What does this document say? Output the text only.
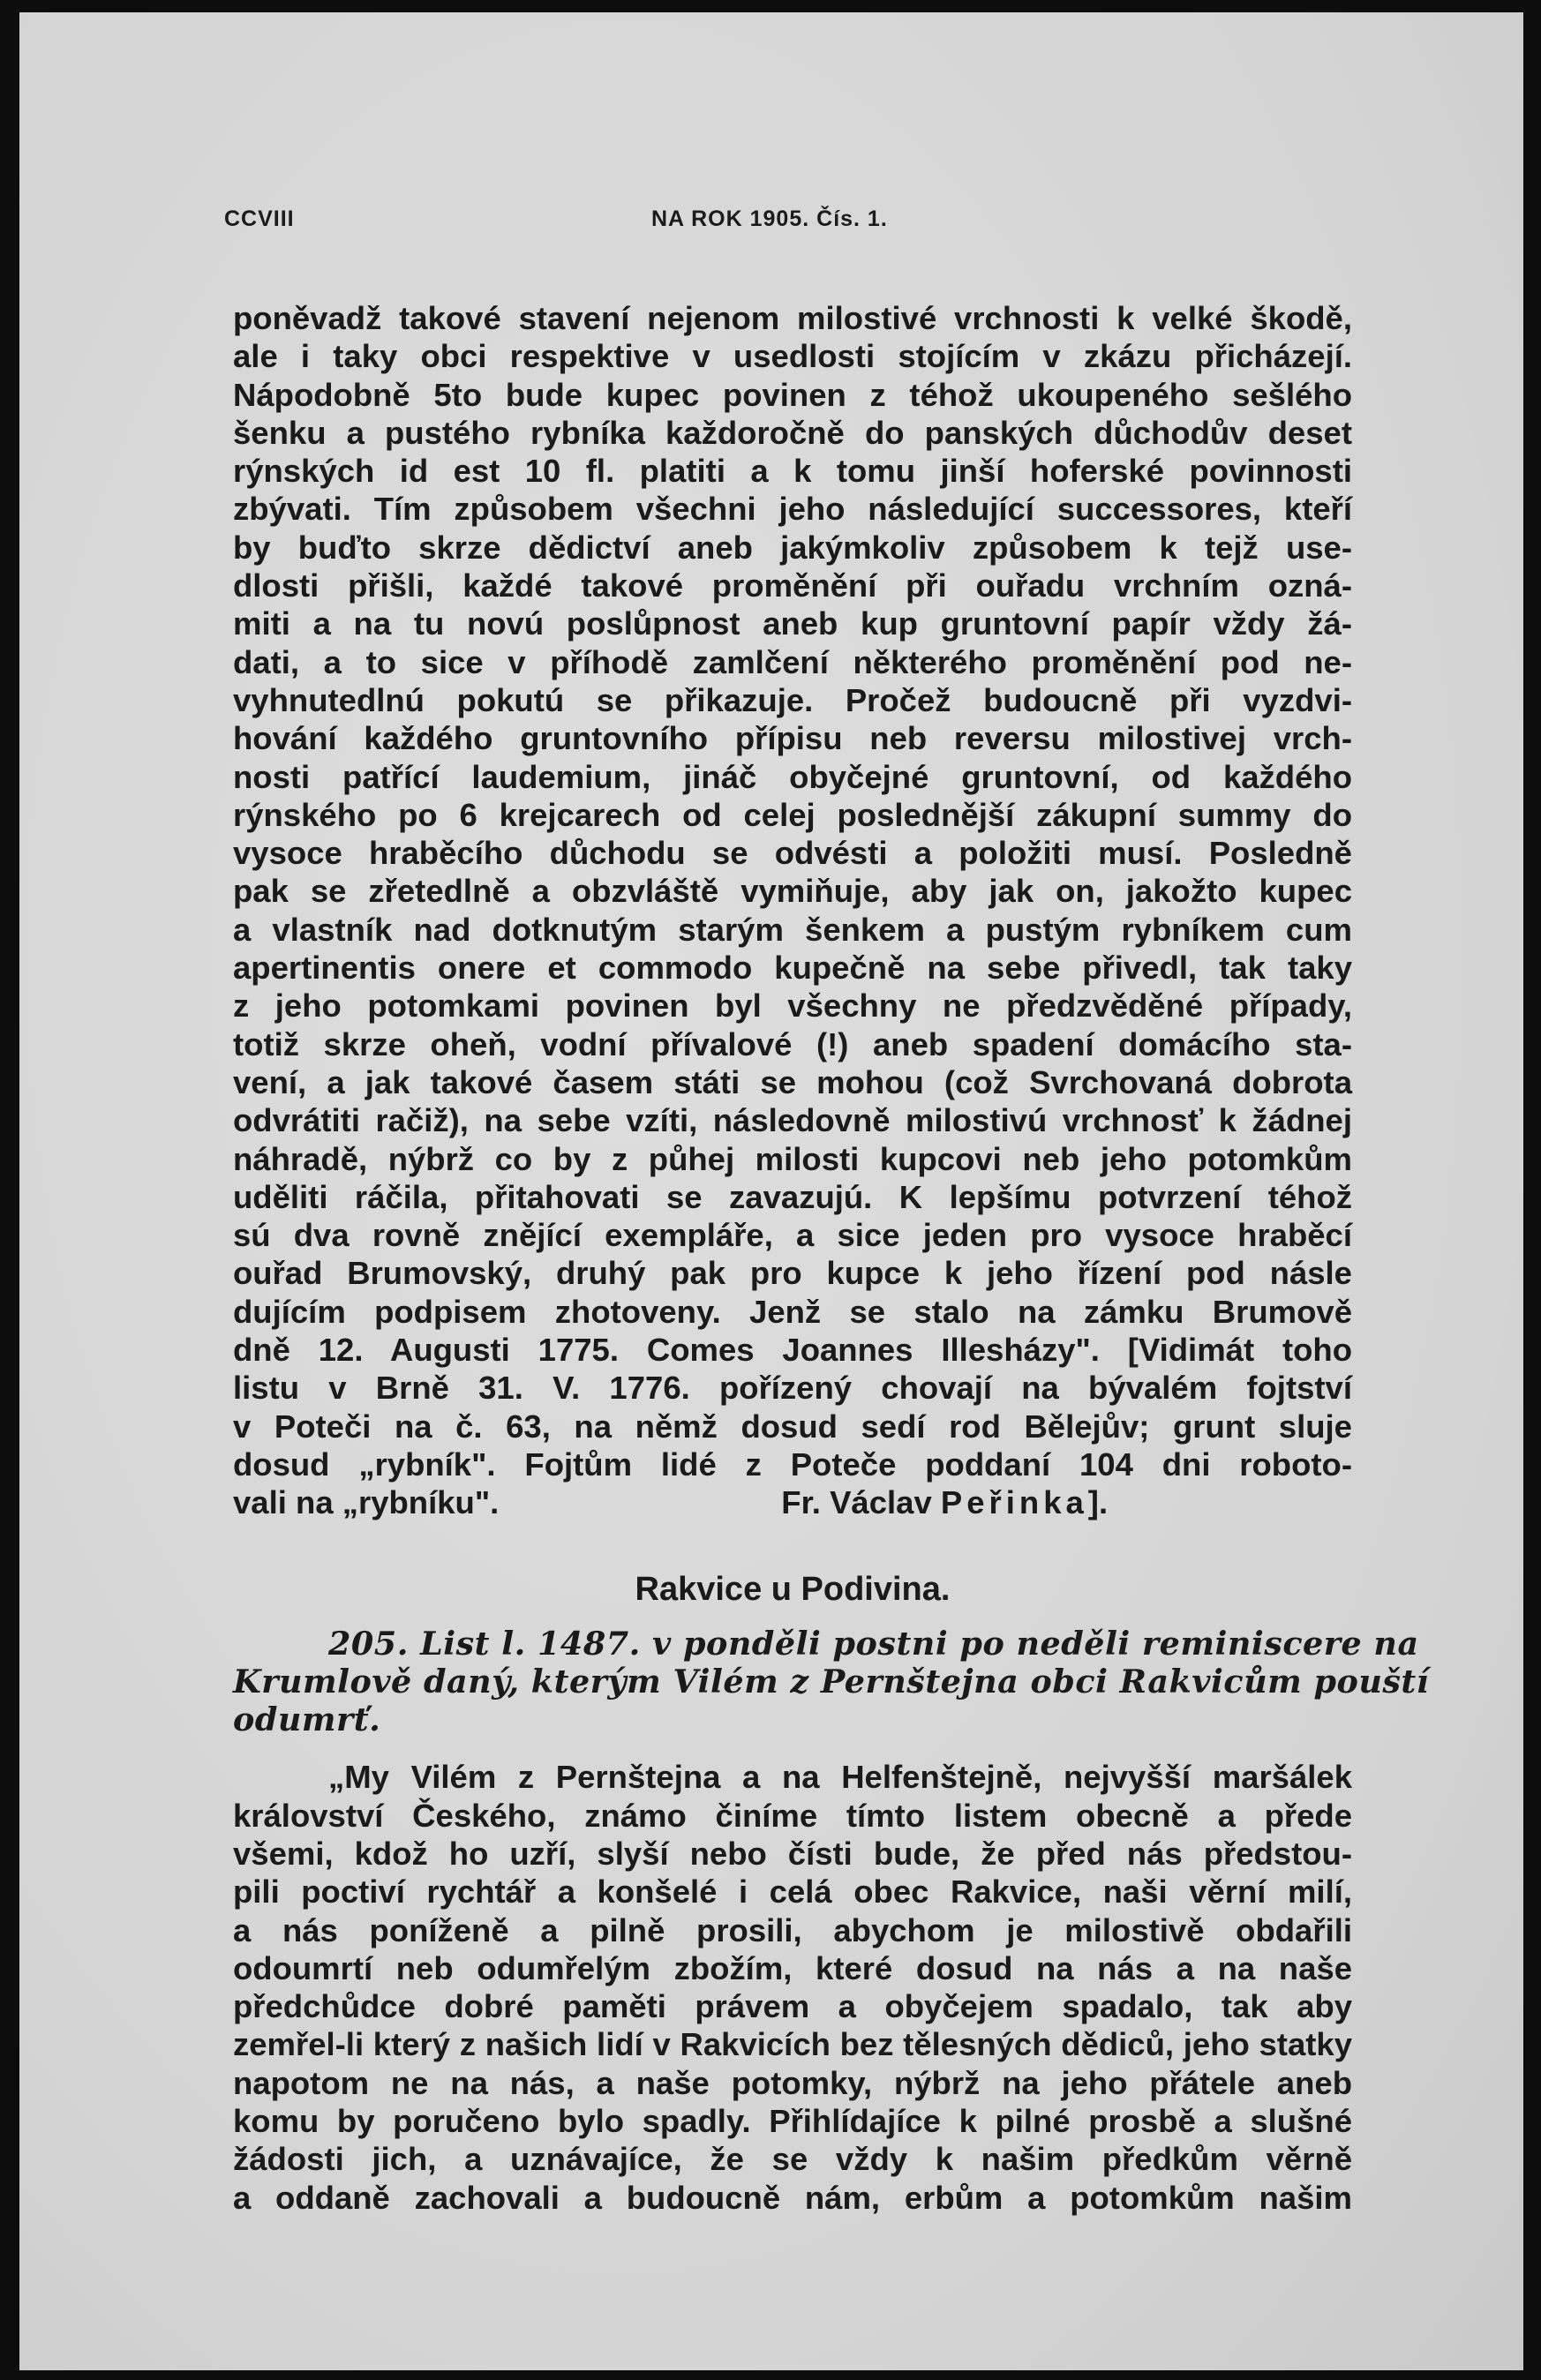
CCVIII	NA ROK 1905. Čís. 1.
poněvadž takové stavení nejenom milostivé vrchnosti k velké škodě,
ale i taky obci respektive v usedlosti stojícím v zkázu přicházejí.
Nápodobně 5to bude kupec povinen z téhož ukoupeného sešlého
šenku a pustého rybníka každoročně do panských důchodův deset
rýnských id est 10 fl. platiti a k tomu jinší hoferské povinnosti
zbývati. Tím způsobem všechni jeho následující successores, kteří
by buďto skrze dědictví aneb jakýmkoliv způsobem k tejž use-
dlosti přišli, každé takové proměnění při ouřadu vrchním ozná-
miti a na tu novú poslůpnost aneb kup gruntovní papír vždy žá-
dati, a to sice v příhodě zamlčení některého proměnění pod ne-
vyhnutedlnú pokutú se přikazuje. Pročež budoucně při vyzdvi-
hování každého gruntovního přípisu neb reversu milostivej vrch-
nosti patřící laudemium, jináč obyčejné gruntovní, od každého
rýnského po 6 krejcarech od celej poslednější zákupní summy do
vysoce hraběcího důchodu se odvésti a položiti musí. Posledně
pak se zřetedlně a obzvláště vymiňuje, aby jak on, jakožto kupec
a vlastník nad dotknutým starým šenkem a pustým rybníkem cum
apertinentis onere et commodo kupečně na sebe přivedl, tak taky
z jeho potomkami povinen byl všechny ne předzvěděné případy,
totiž skrze oheň, vodní přívalové (!) aneb spadení domácího sta-
vení, a jak takové časem státi se mohou (což Svrchovaná dobrota
odvrátiti račiž), na sebe vzíti, následovně milostivú vrchnosť k žádnej
náhradě, nýbrž co by z půhej milosti kupcovi neb jeho potomkům
uděliti ráčila, přitahovati se zavazujú. K lepšímu potvrzení téhož
sú dva rovně znějící exempláře, a sice jeden pro vysoce hraběcí
ouřad Brumovský, druhý pak pro kupce k jeho řízení pod násle
dujícím podpisem zhotoveny. Jenž se stalo na zámku Brumově
dně 12. Augusti 1775. Comes Joannes Illesházy". [Vidimát toho
listu v Brně 31. V. 1776. pořízený chovají na bývalém fojtství
v Poteči na č. 63, na němž dosud sedí rod Bělejův; grunt sluje
dosud „rybník". Fojtům lidé z Poteče poddaní 104 dni roboto-
vali na „rybníku".	Fr. Václav Peřinka].
Rakvice u Podivina.
205. List l. 1487. v ponděli postni po neděli reminiscere na
Krumlově daný, kterým Vilém z Pernštejna obci Rakvicům pouští
odumrť.
„My Vilém z Pernštejna a na Helfenštejně, nejvyšší maršálek
království Českého, známo činíme tímto listem obecně a přede
všemi, kdož ho uzří, slyší nebo čísti bude, že před nás předstou-
pili poctiví rychtář a konšelé i celá obec Rakvice, naši věrní milí,
a nás poníženě a pilně prosili, abychom je milostivě obdařili
odoumrtí neb odumřelým zbožím, které dosud na nás a na naše
předchůdce dobré paměti právem a obyčejem spadalo, tak aby
zemřel-li který z našich lidí v Rakvicích bez tělesných dědiců, jeho statky
napotom ne na nás, a naše potomky, nýbrž na jeho přátele aneb
komu by poručeno bylo spadly. Přihlídajíce k pilné prosbě a slušné
žádosti jich, a uznávajíce, že se vždy k našim předkům věrně
a oddaně zachovali a budoucně nám, erbům a potomkům našim
